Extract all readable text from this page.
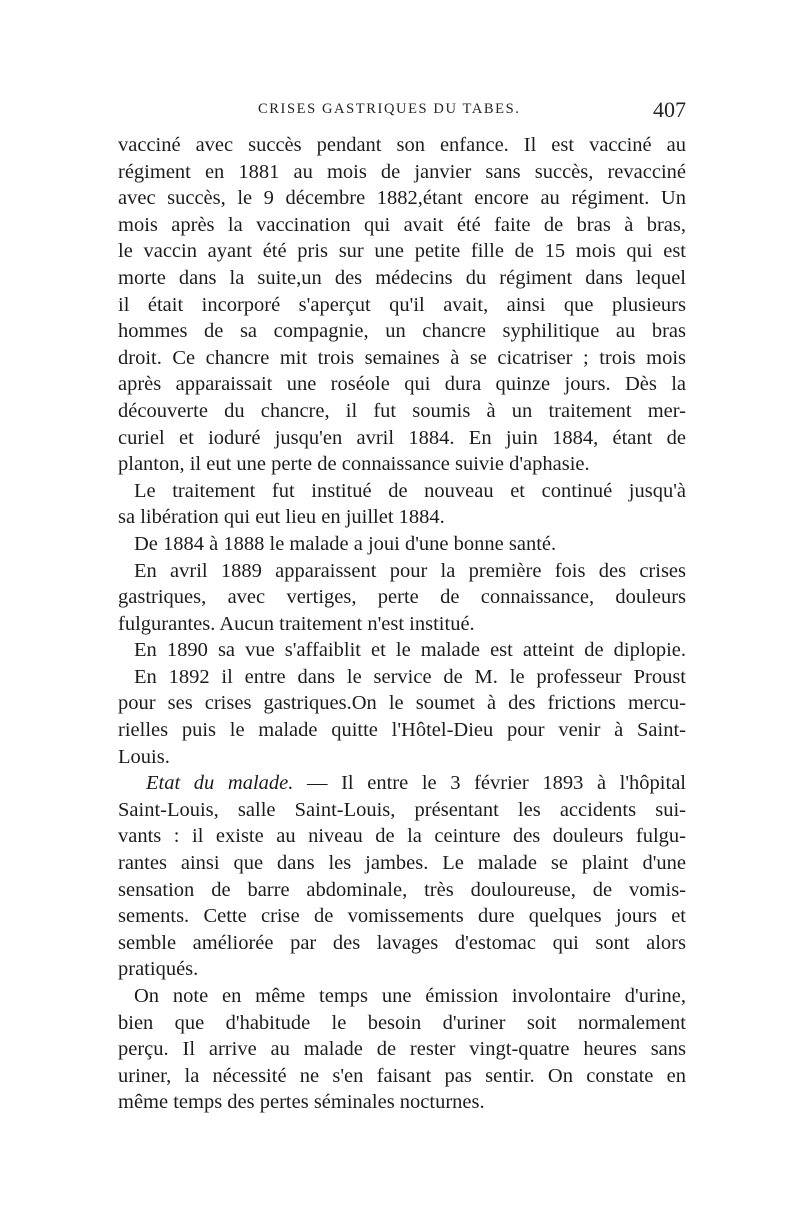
CRISES GASTRIQUES DU TABES.	407
vacciné avec succès pendant son enfance. Il est vacciné au
régiment en 1881 au mois de janvier sans succès, revacciné
avec succès, le 9 décembre 1882,étant encore au régiment. Un
mois après la vaccination qui avait été faite de bras à bras,
le vaccin ayant été pris sur une petite fille de 15 mois qui est
morte dans la suite,un des médecins du régiment dans lequel
il était incorporé s'aperçut qu'il avait, ainsi que plusieurs
hommes de sa compagnie, un chancre syphilitique au bras
droit. Ce chancre mit trois semaines à se cicatriser ; trois mois
après apparaissait une roséole qui dura quinze jours. Dès la
découverte du chancre, il fut soumis à un traitement mer-
curiel et ioduré jusqu'en avril 1884. En juin 1884, étant de
planton, il eut une perte de connaissance suivie d'aphasie.
Le traitement fut institué de nouveau et continué jusqu'à
sa libération qui eut lieu en juillet 1884.
De 1884 à 1888 le malade a joui d'une bonne santé.
En avril 1889 apparaissent pour la première fois des crises
gastriques, avec vertiges, perte de connaissance, douleurs
fulgurantes. Aucun traitement n'est institué.
En 1890 sa vue s'affaiblit et le malade est atteint de diplopie.
En 1892 il entre dans le service de M. le professeur Proust
pour ses crises gastriques.On le soumet à des frictions mercu-
rielles puis le malade quitte l'Hôtel-Dieu pour venir à Saint-
Louis.
Etat du malade. — Il entre le 3 février 1893 à l'hôpital
Saint-Louis, salle Saint-Louis, présentant les accidents sui-
vants : il existe au niveau de la ceinture des douleurs fulgu-
rantes ainsi que dans les jambes. Le malade se plaint d'une
sensation de barre abdominale, très douloureuse, de vomis-
sements. Cette crise de vomissements dure quelques jours et
semble améliorée par des lavages d'estomac qui sont alors
pratiqués.
On note en même temps une émission involontaire d'urine,
bien que d'habitude le besoin d'uriner soit normalement
perçu. Il arrive au malade de rester vingt-quatre heures sans
uriner, la nécessité ne s'en faisant pas sentir. On constate en
même temps des pertes séminales nocturnes.
